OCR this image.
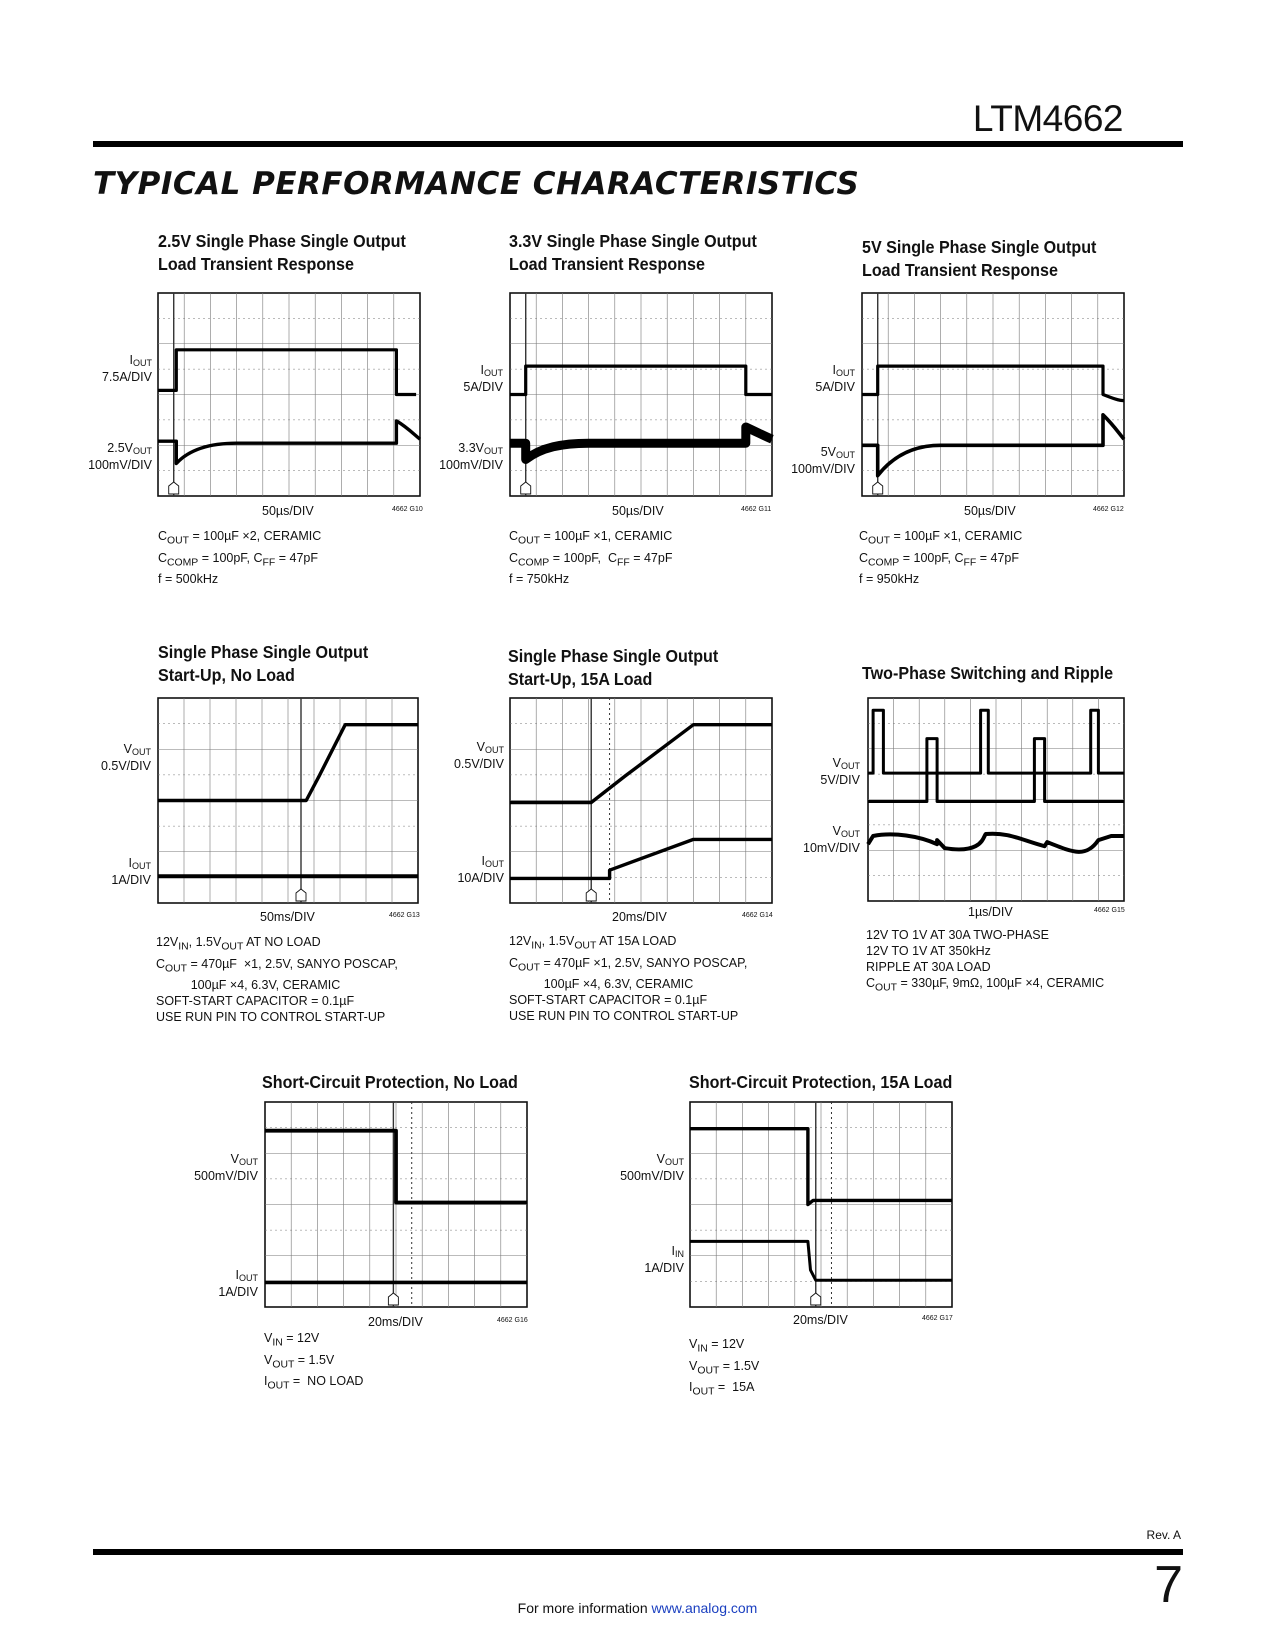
LTM4662
TYPICAL PERFORMANCE CHARACTERISTICS
2.5V Single Phase Single Output
Load Transient Response
$I_{OUT}$
7.5A/DIV
$2.5V_{OUT}$
100mV/DIV
50µs/DIV	4662 G10
$C_{OUT} = 100\mu F \times 2$, CERAMIC
$C_{COMP} = 100pF$, $C_{FF} = 47pF$
f = 500kHz
3.3V Single Phase Single Output
Load Transient Response
$I_{OUT}$
5A/DIV
$3.3V_{OUT}$
100mV/DIV
50µs/DIV	4662 G11
$C_{OUT} = 100\mu F \times 1$, CERAMIC
$C_{COMP} = 100pF$,  $C_{FF} = 47pF$
f = 750kHz
5V Single Phase Single Output
Load Transient Response
$I_{OUT}$
5A/DIV
$5V_{OUT}$
100mV/DIV
50µs/DIV	4662 G12
$C_{OUT} = 100\mu F \times 1$, CERAMIC
$C_{COMP} = 100pF$, $C_{FF} = 47pF$
f = 950kHz
Single Phase Single Output
Start-Up, No Load
$V_{OUT}$
0.5V/DIV
$I_{OUT}$
1A/DIV
50ms/DIV	4662 G13
$12V_{IN}$, $1.5V_{OUT}$ AT NO LOAD
$C_{OUT} = 470\mu F \times 1$, 2.5V, SANYO POSCAP,
100µF ×4, 6.3V, CERAMIC
SOFT-START CAPACITOR = 0.1µF
USE RUN PIN TO CONTROL START-UP
Single Phase Single Output
Start-Up, 15A Load
$V_{OUT}$
0.5V/DIV
$I_{OUT}$
10A/DIV
20ms/DIV	4662 G14
$12V_{IN}$, $1.5V_{OUT}$ AT 15A LOAD
$C_{OUT} = 470\mu F \times 1$, 2.5V, SANYO POSCAP,
100µF ×4, 6.3V, CERAMIC
SOFT-START CAPACITOR = 0.1µF
USE RUN PIN TO CONTROL START-UP
Two-Phase Switching and Ripple
$V_{OUT}$
5V/DIV
$V_{OUT}$
10mV/DIV
1µs/DIV	4662 G15
12V TO 1V AT 30A TWO-PHASE
12V TO 1V AT 350kHz
RIPPLE AT 30A LOAD
$C_{OUT} = 330\mu F$, 9mΩ, 100µF ×4, CERAMIC
Short-Circuit Protection, No Load
$V_{OUT}$
500mV/DIV
$I_{OUT}$
1A/DIV
20ms/DIV	4662 G16
$V_{IN} = 12V$
$V_{OUT} = 1.5V$
$I_{OUT}$ =  NO LOAD
Short-Circuit Protection, 15A Load
$V_{OUT}$
500mV/DIV
$I_{IN}$
1A/DIV
20ms/DIV	4662 G17
$V_{IN} = 12V$
$V_{OUT} = 1.5V$
$I_{OUT} = 15A$
Rev. A
7
For more information www.analog.com
